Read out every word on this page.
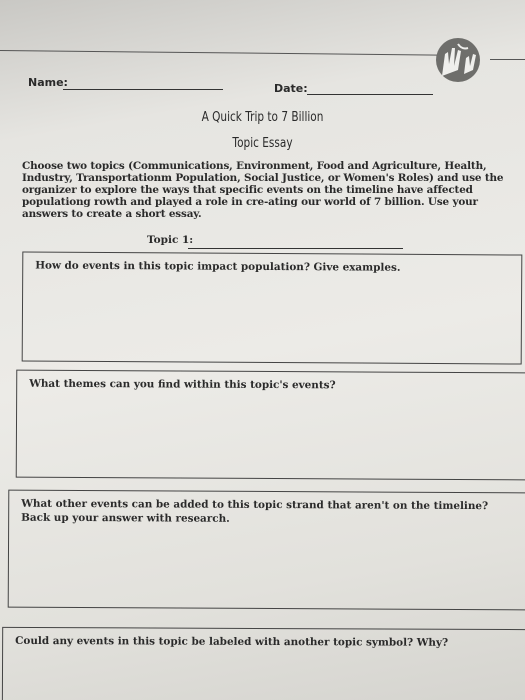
Name:	Date:
A Quick Trip to 7 Billion
Topic Essay
Choose two topics (Communications, Environment, Food and Agriculture, Health, Industry, Transportationm Population, Social Justice, or Women's Roles) and use the organizer to explore the ways that specific events on the timeline have affected populationg rowth and played a role in cre-ating our world of 7 billion. Use your answers to create a short essay.
Topic 1:
How do events in this topic impact population? Give examples.
What themes can you find within this topic's events?
What other events can be added to this topic strand that aren't on the timeline? Back up your answer with research.
Could any events in this topic be labeled with another topic symbol? Why?
